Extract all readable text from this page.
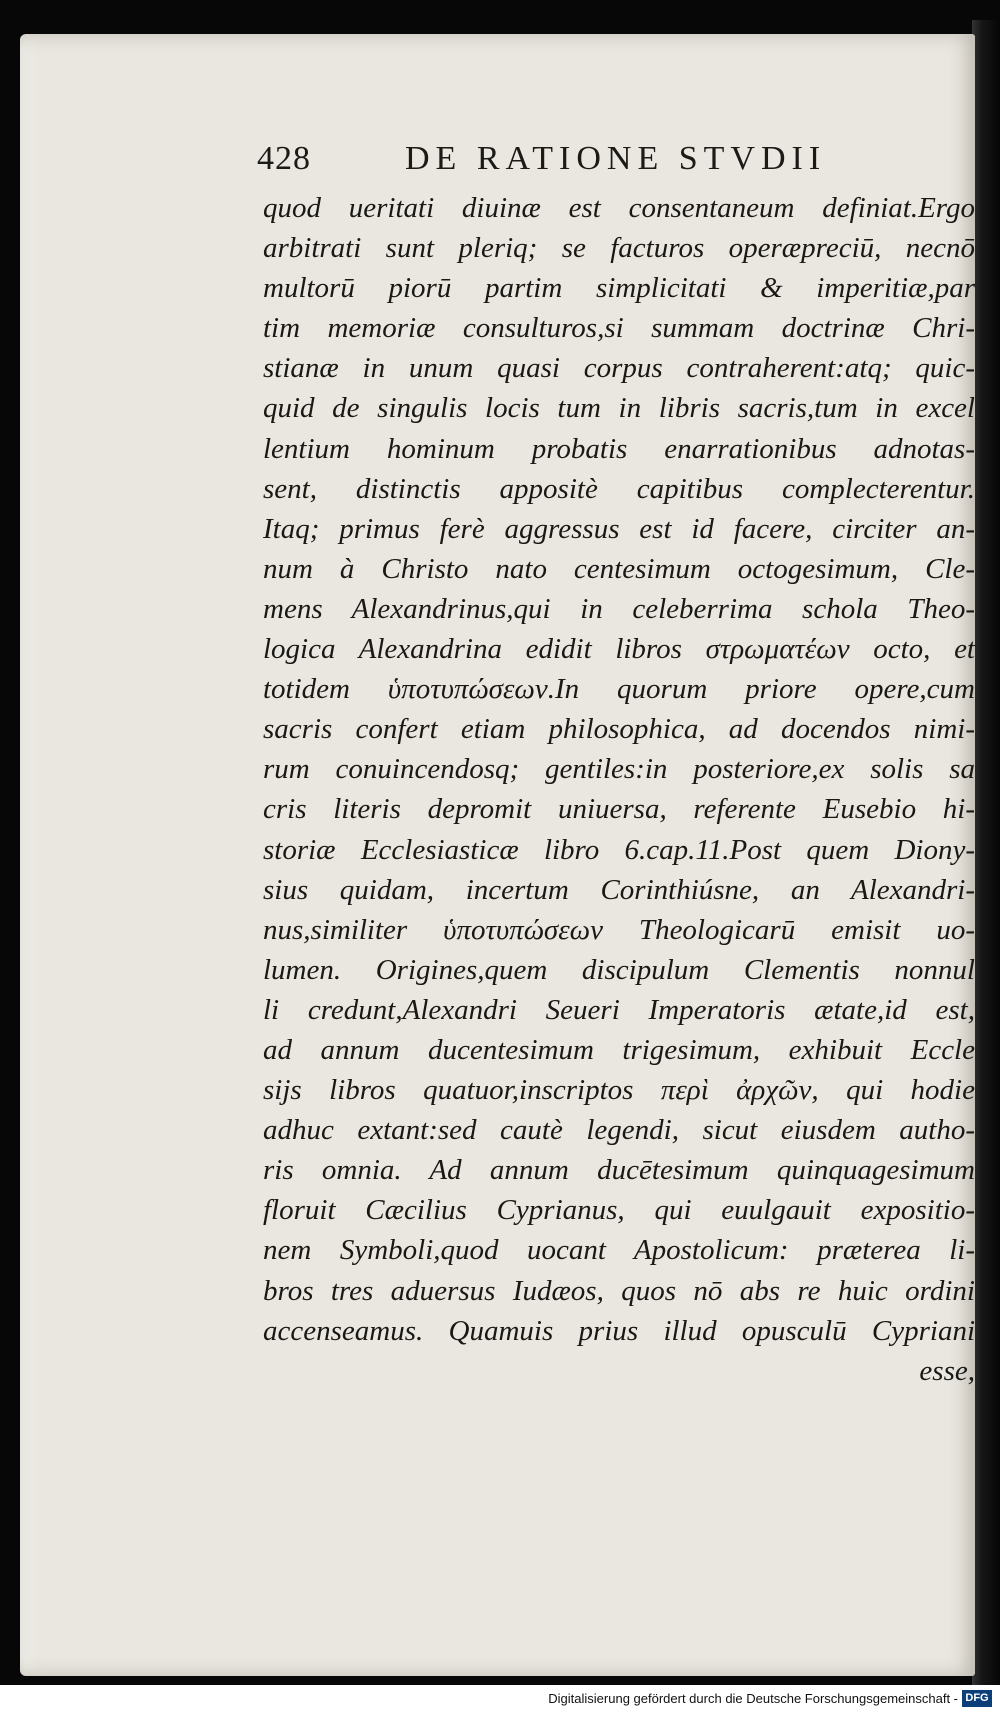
428	DE RATIONE STVDII
quod ueritati diuinæ est consentaneum definiat.Ergo
arbitrati sunt pleriq; se facturos operæpreciū, necnō
multorū piorū partim simplicitati & imperitiæ,par
tim memoriæ consulturos,si summam doctrinæ Chri-
stianæ in unum quasi corpus contraherent:atq; quic-
quid de singulis locis tum in libris sacris,tum in excel
lentium hominum probatis enarrationibus adnotas-
sent, distinctis appositè capitibus complecterentur.
Itaq; primus ferè aggressus est id facere, circiter an-
num à Christo nato centesimum octogesimum, Cle-
mens Alexandrinus,qui in celeberrima schola Theo-
logica Alexandrina edidit libros στρωματέων octo, et
totidem ὑποτυπώσεων.In quorum priore opere,cum
sacris confert etiam philosophica, ad docendos nimi-
rum conuincendosq; gentiles:in posteriore,ex solis sa
cris literis depromit uniuersa, referente Eusebio hi-
storiæ Ecclesiasticæ libro 6.cap.11.Post quem Diony-
sius quidam, incertum Corinthiúsne, an Alexandri-
nus,similiter ὑποτυπώσεων Theologicarū emisit uo-
lumen. Origines,quem discipulum Clementis nonnul
li credunt,Alexandri Seueri Imperatoris ætate,id est,
ad annum ducentesimum trigesimum, exhibuit Eccle
sijs libros quatuor,inscriptos περὶ ἀρχῶν, qui hodie
adhuc extant:sed cautè legendi, sicut eiusdem autho-
ris omnia. Ad annum ducētesimum quinquagesimum
floruit Cæcilius Cyprianus, qui euulgauit expositio-
nem Symboli,quod uocant Apostolicum: præterea li-
bros tres aduersus Iudæos, quos nō abs re huic ordini
accenseamus. Quamuis prius illud opusculū Cypriani
esse,
Digitalisierung gefördert durch die Deutsche Forschungsgemeinschaft - DFG
